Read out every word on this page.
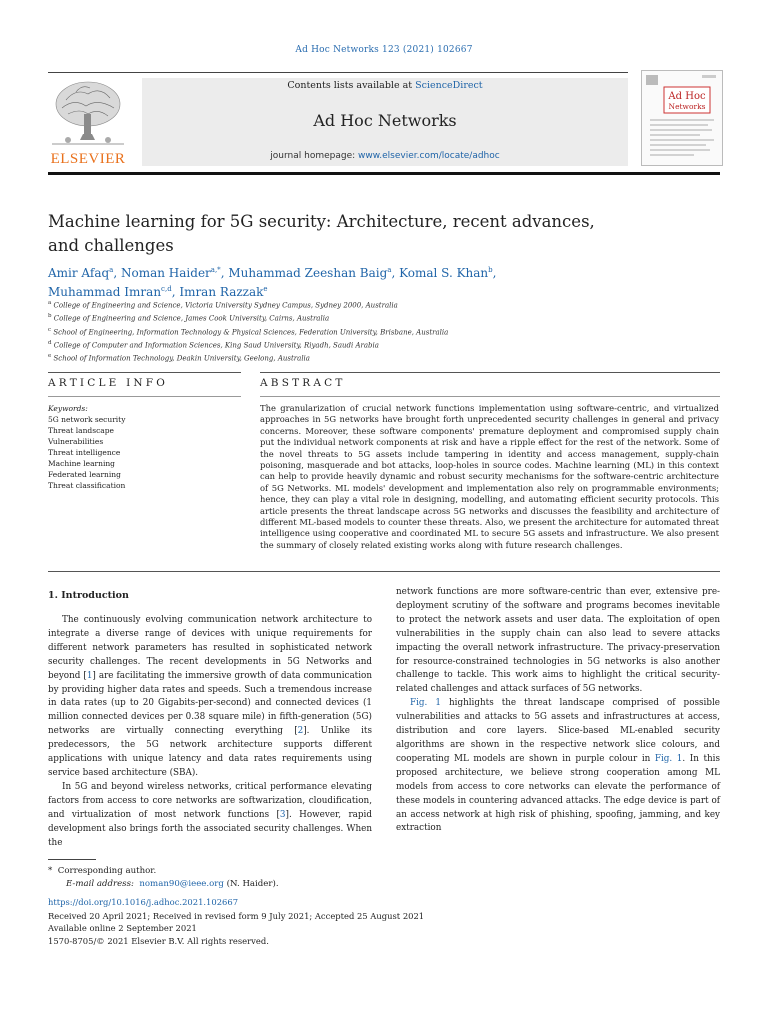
Ad Hoc Networks 123 (2021) 102667
ELSEVIER
Contents lists available at ScienceDirect
Ad Hoc Networks
journal homepage: www.elsevier.com/locate/adhoc
Ad Hoc
Networks
Machine learning for 5G security: Architecture, recent advances, and challenges
Amir Afaq$^a$, Noman Haider$^{a,*}$, Muhammad Zeeshan Baig$^a$, Komal S. Khan$^b$,
Muhammad Imran$^{c,d}$, Imran Razzak$^e$
$^a$ College of Engineering and Science, Victoria University Sydney Campus, Sydney 2000, Australia
$^b$ College of Engineering and Science, James Cook University, Cairns, Australia
$^c$ School of Engineering, Information Technology & Physical Sciences, Federation University, Brisbane, Australia
$^d$ College of Computer and Information Sciences, King Saud University, Riyadh, Saudi Arabia
$^e$ School of Information Technology, Deakin University, Geelong, Australia
ARTICLE INFO	ABSTRACT
Keywords:
5G network security
Threat landscape
Vulnerabilities
Threat intelligence
Machine learning
Federated learning
Threat classification
The granularization of crucial network functions implementation using software-centric, and virtualized approaches in 5G networks have brought forth unprecedented security challenges in general and privacy concerns. Moreover, these software components' premature deployment and compromised supply chain put the individual network components at risk and have a ripple effect for the rest of the network. Some of the novel threats to 5G assets include tampering in identity and access management, supply-chain poisoning, masquerade and bot attacks, loop-holes in source codes. Machine learning (ML) in this context can help to provide heavily dynamic and robust security mechanisms for the software-centric architecture of 5G Networks. ML models' development and implementation also rely on programmable environments; hence, they can play a vital role in designing, modelling, and automating efficient security protocols. This article presents the threat landscape across 5G networks and discusses the feasibility and architecture of different ML-based models to counter these threats. Also, we present the architecture for automated threat intelligence using cooperative and coordinated ML to secure 5G assets and infrastructure. We also present the summary of closely related existing works along with future research challenges.
1. Introduction

The continuously evolving communication network architecture to integrate a diverse range of devices with unique requirements for different network parameters has resulted in sophisticated network security challenges. The recent developments in 5G Networks and beyond [1] are facilitating the immersive growth of data communication by providing higher data rates and speeds. Such a tremendous increase in data rates (up to 20 Gigabits-per-second) and connected devices (1 million connected devices per 0.38 square mile) in fifth-generation (5G) networks are virtually connecting everything [2]. Unlike its predecessors, the 5G network architecture supports different applications with unique latency and data rates requirements using service based architecture (SBA).

In 5G and beyond wireless networks, critical performance elevating factors from access to core networks are softwarization, cloudification, and virtualization of most network functions [3]. However, rapid development also brings forth the associated security challenges. When the

network functions are more software-centric than ever, extensive pre-deployment scrutiny of the software and programs becomes inevitable to protect the network assets and user data. The exploitation of open vulnerabilities in the supply chain can also lead to severe attacks impacting the overall network infrastructure. The privacy-preservation for resource-constrained technologies in 5G networks is also another challenge to tackle. This work aims to highlight the critical security-related challenges and attack surfaces of 5G networks.

Fig. 1 highlights the threat landscape comprised of possible vulnerabilities and attacks to 5G assets and infrastructures at access, distribution and core layers. Slice-based ML-enabled security algorithms are shown in the respective network slice colours, and cooperating ML models are shown in purple colour in Fig. 1. In this proposed architecture, we believe strong cooperation among ML models from access to core networks can elevate the performance of these models in countering advanced attacks. The edge device is part of an access network at high risk of phishing, spoofing, jamming, and key extraction

* Corresponding author.
E-mail address: noman90@ieee.org (N. Haider).
https://doi.org/10.1016/j.adhoc.2021.102667
Received 20 April 2021; Received in revised form 9 July 2021; Accepted 25 August 2021
Available online 2 September 2021
1570-8705/© 2021 Elsevier B.V. All rights reserved.
